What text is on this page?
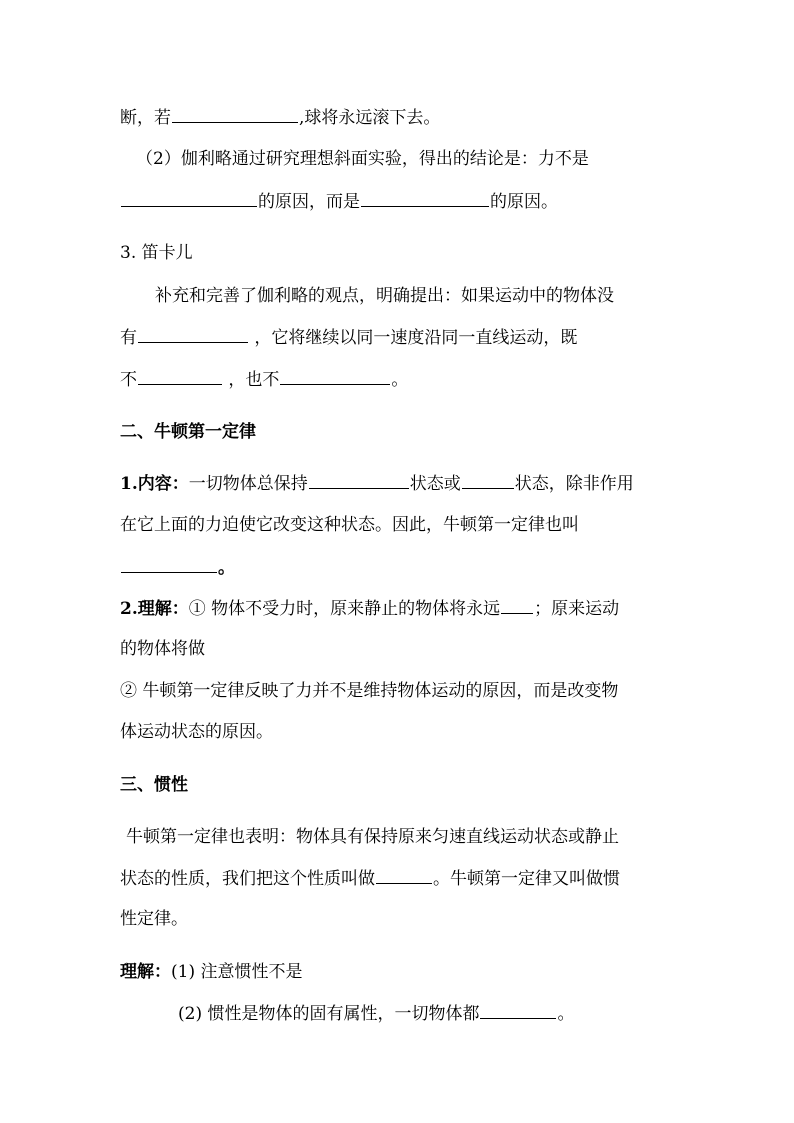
断，若	,球将永远滚下去。
（2）伽利略通过研究理想斜面实验，得出的结论是：力不是
的原因，而是	的原因。
3. 笛卡儿
补充和完善了伽利略的观点，明确提出：如果运动中的物体没
有	，它将继续以同一速度沿同一直线运动，既
不	，也不	。
二、牛顿第一定律
1.内容：一切物体总保持	状态或	状态，除非作用
在它上面的力迫使它改变这种状态。因此，牛顿第一定律也叫
。
2.理解：① 物体不受力时，原来静止的物体将永远 ；原来运动
的物体将做
② 牛顿第一定律反映了力并不是维持物体运动的原因，而是改变物
体运动状态的原因。
三、惯性
牛顿第一定律也表明：物体具有保持原来匀速直线运动状态或静止
状态的性质，我们把这个性质叫做	。牛顿第一定律又叫做惯
性定律。
理解：(1) 注意惯性不是
(2) 惯性是物体的固有属性，一切物体都	。
